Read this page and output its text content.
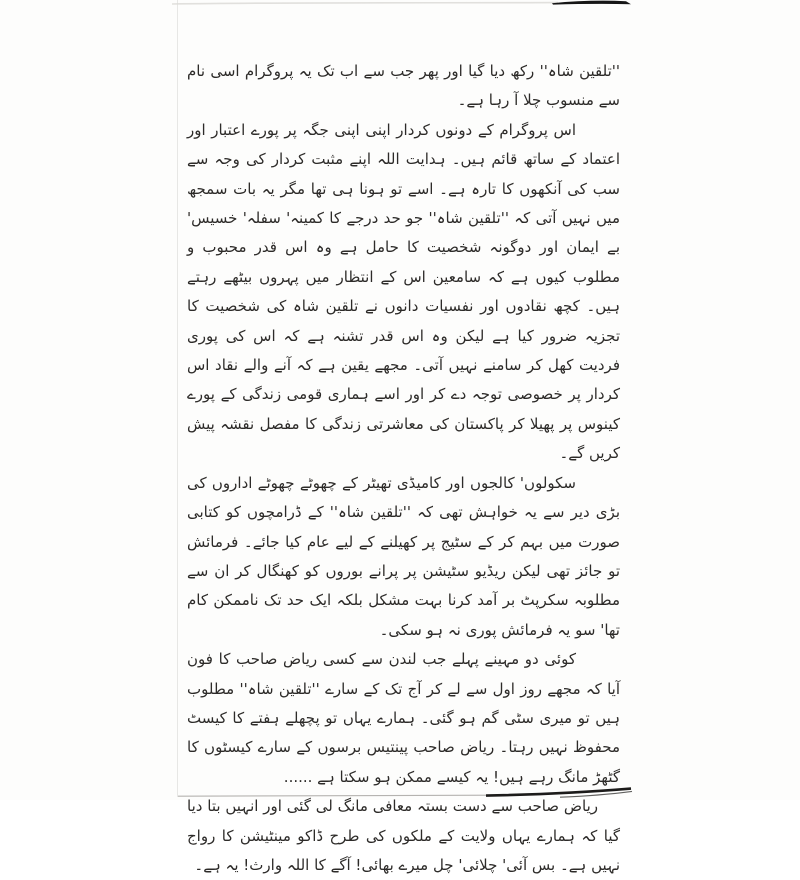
''تلقین شاہ'' رکھ دیا گیا اور پھر جب سے اب تک یہ پروگرام اسی نام سے منسوب چلا آ رہا ہے۔

اس پروگرام کے دونوں کردار اپنی اپنی جگہ پر پورے اعتبار اور اعتماد کے ساتھ قائم ہیں۔ ہدایت اللہ اپنے مثبت کردار کی وجہ سے سب کی آنکھوں کا تارہ ہے۔ اسے تو ہونا ہی تھا مگر یہ بات سمجھ میں نہیں آتی کہ ''تلقین شاہ'' جو حد درجے کا کمینہ' سفلہ' خسیس' بے ایمان اور دوگونہ شخصیت کا حامل ہے وہ اس قدر محبوب و مطلوب کیوں ہے کہ سامعین اس کے انتظار میں پہروں بیٹھے رہتے ہیں۔ کچھ نقادوں اور نفسیات دانوں نے تلقین شاہ کی شخصیت کا تجزیہ ضرور کیا ہے لیکن وہ اس قدر تشنہ ہے کہ اس کی پوری فردیت کھل کر سامنے نہیں آتی۔ مجھے یقین ہے کہ آنے والے نقاد اس کردار پر خصوصی توجہ دے کر اور اسے ہماری قومی زندگی کے پورے کینوس پر پھیلا کر پاکستان کی معاشرتی زندگی کا مفصل نقشہ پیش کریں گے۔

سکولوں' کالجوں اور کامیڈی تھیٹر کے چھوٹے چھوٹے اداروں کی بڑی دیر سے یہ خواہش تھی کہ ''تلقین شاہ'' کے ڈرامچوں کو کتابی صورت میں بہم کر کے سٹیج پر کھیلنے کے لیے عام کیا جائے۔ فرمائش تو جائز تھی لیکن ریڈیو سٹیشن پر پرانے بوروں کو کھنگال کر ان سے مطلوبہ سکرپٹ بر آمد کرنا بہت مشکل بلکہ ایک حد تک ناممکن کام تھا' سو یہ فرمائش پوری نہ ہو سکی۔

کوئی دو مہینے پہلے جب لندن سے کسی ریاض صاحب کا فون آیا کہ مجھے روز اول سے لے کر آج تک کے سارے ''تلقین شاہ'' مطلوب ہیں تو میری سٹی گم ہو گئی۔ ہمارے یہاں تو پچھلے ہفتے کا کیسٹ محفوظ نہیں رہتا۔ ریاض صاحب پینتیس برسوں کے سارے کیسٹوں کا گٹھڑ مانگ رہے ہیں! یہ کیسے ممکن ہو سکتا ہے ......

ریاض صاحب سے دست بستہ معافی مانگ لی گئی اور انہیں بتا دیا گیا کہ ہمارے یہاں ولایت کے ملکوں کی طرح ڈاکو مینٹیشن کا رواج نہیں ہے۔ بس آئی' چلائی' چل میرے بھائی! آگے کا اللہ وارث! یہ ہے۔
